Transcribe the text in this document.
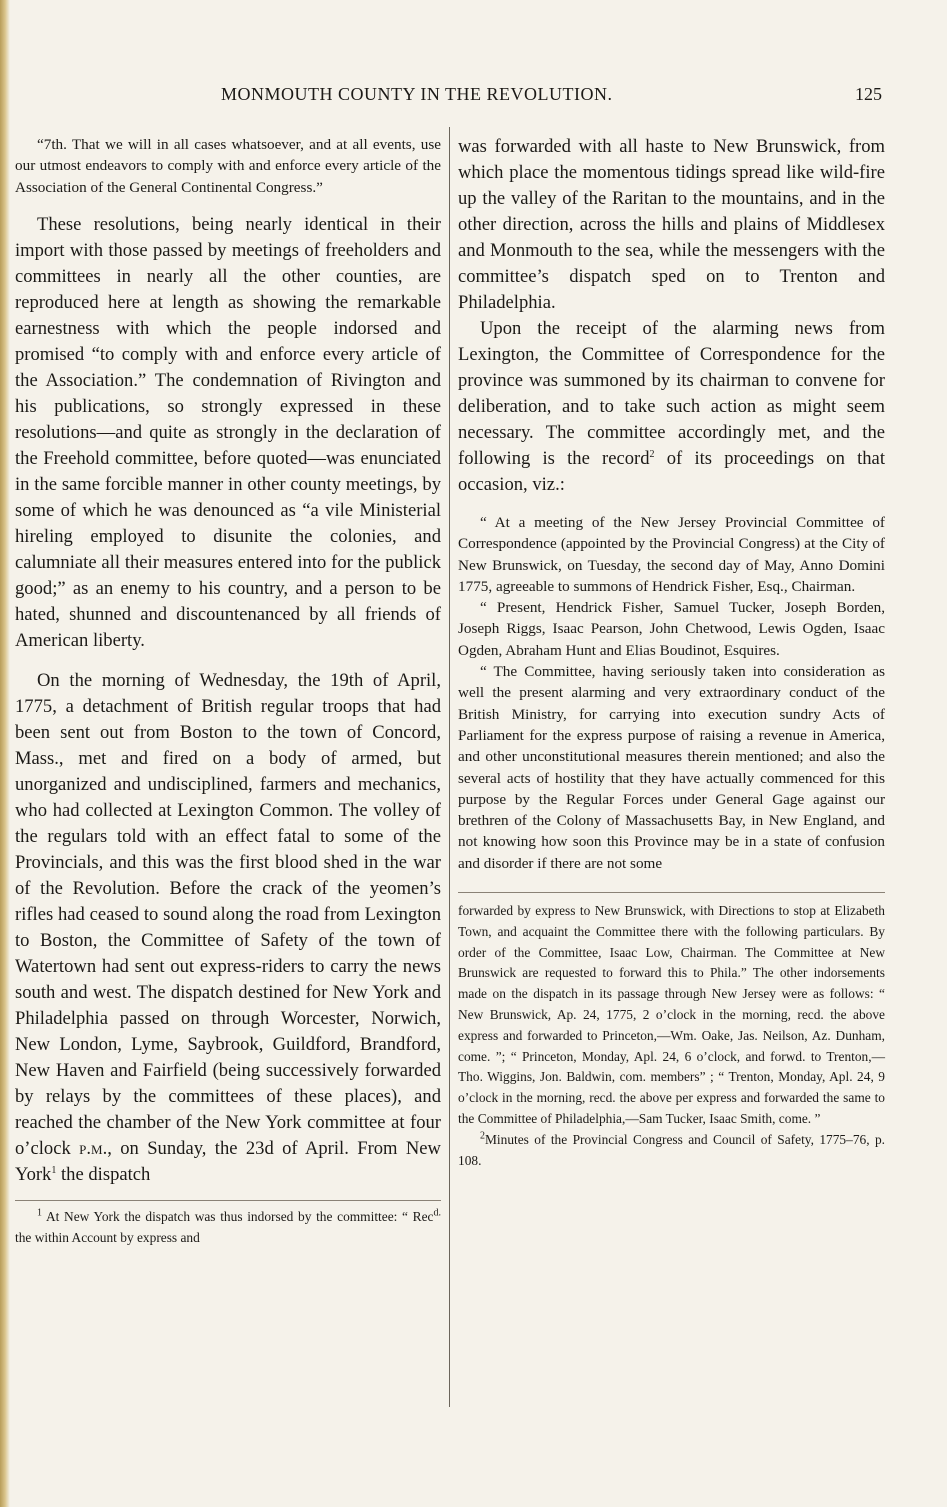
MONMOUTH COUNTY IN THE REVOLUTION.	125

“7th. That we will in all cases whatsoever, and at all events, use our utmost endeavors to comply with and enforce every article of the Association of the General Continental Congress.”

These resolutions, being nearly identical in their import with those passed by meetings of freeholders and committees in nearly all the other counties, are reproduced here at length as showing the remarkable earnestness with which the people indorsed and promised “to comply with and enforce every article of the Association.” The condemnation of Rivington and his publications, so strongly expressed in these resolutions—and quite as strongly in the declaration of the Freehold committee, before quoted—was enunciated in the same forcible manner in other county meetings, by some of which he was denounced as “a vile Ministerial hireling employed to disunite the colonies, and calumniate all their measures entered into for the publick good;” as an enemy to his country, and a person to be hated, shunned and discountenanced by all friends of American liberty.

On the morning of Wednesday, the 19th of April, 1775, a detachment of British regular troops that had been sent out from Boston to the town of Concord, Mass., met and fired on a body of armed, but unorganized and undisciplined, farmers and mechanics, who had collected at Lexington Common. The volley of the regulars told with an effect fatal to some of the Provincials, and this was the first blood shed in the war of the Revolution. Before the crack of the yeomen’s rifles had ceased to sound along the road from Lexington to Boston, the Committee of Safety of the town of Watertown had sent out express-riders to carry the news south and west. The dispatch destined for New York and Philadelphia passed on through Worcester, Norwich, New London, Lyme, Saybrook, Guildford, Brandford, New Haven and Fairfield (being successively forwarded by relays by the committees of these places), and reached the chamber of the New York committee at four o’clock p.m., on Sunday, the 23d of April. From New York$^1$ the dispatch

$^1$ At New York the dispatch was thus indorsed by the committee: “ Rec$^{d.}$ the within Account by express and

was forwarded with all haste to New Brunswick, from which place the momentous tidings spread like wild-fire up the valley of the Raritan to the mountains, and in the other direction, across the hills and plains of Middlesex and Monmouth to the sea, while the messengers with the committee’s dispatch sped on to Trenton and Philadelphia.

Upon the receipt of the alarming news from Lexington, the Committee of Correspondence for the province was summoned by its chairman to convene for deliberation, and to take such action as might seem necessary. The committee accordingly met, and the following is the record$^2$ of its proceedings on that occasion, viz.:

“ At a meeting of the New Jersey Provincial Committee of Correspondence (appointed by the Provincial Congress) at the City of New Brunswick, on Tuesday, the second day of May, Anno Domini 1775, agreeable to summons of Hendrick Fisher, Esq., Chairman.

“ Present, Hendrick Fisher, Samuel Tucker, Joseph Borden, Joseph Riggs, Isaac Pearson, John Chetwood, Lewis Ogden, Isaac Ogden, Abraham Hunt and Elias Boudinot, Esquires.

“ The Committee, having seriously taken into consideration as well the present alarming and very extraordinary conduct of the British Ministry, for carrying into execution sundry Acts of Parliament for the express purpose of raising a revenue in America, and other unconstitutional measures therein mentioned; and also the several acts of hostility that they have actually commenced for this purpose by the Regular Forces under General Gage against our brethren of the Colony of Massachusetts Bay, in New England, and not knowing how soon this Province may be in a state of confusion and disorder if there are not some

forwarded by express to New Brunswick, with Directions to stop at Elizabeth Town, and acquaint the Committee there with the following particulars. By order of the Committee, Isaac Low, Chairman. The Committee at New Brunswick are requested to forward this to Phila.” The other indorsements made on the dispatch in its passage through New Jersey were as follows: “ New Brunswick, Ap. 24, 1775, 2 o’clock in the morning, recd. the above express and forwarded to Princeton,—Wm. Oake, Jas. Neilson, Az. Dunham, come. ”; “ Princeton, Monday, Apl. 24, 6 o’clock, and forwd. to Trenton,—Tho. Wiggins, Jon. Baldwin, com. members” ; “ Trenton, Monday, Apl. 24, 9 o’clock in the morning, recd. the above per express and forwarded the same to the Committee of Philadelphia,—Sam Tucker, Isaac Smith, come. ”

$^2$Minutes of the Provincial Congress and Council of Safety, 1775–76, p. 108.
